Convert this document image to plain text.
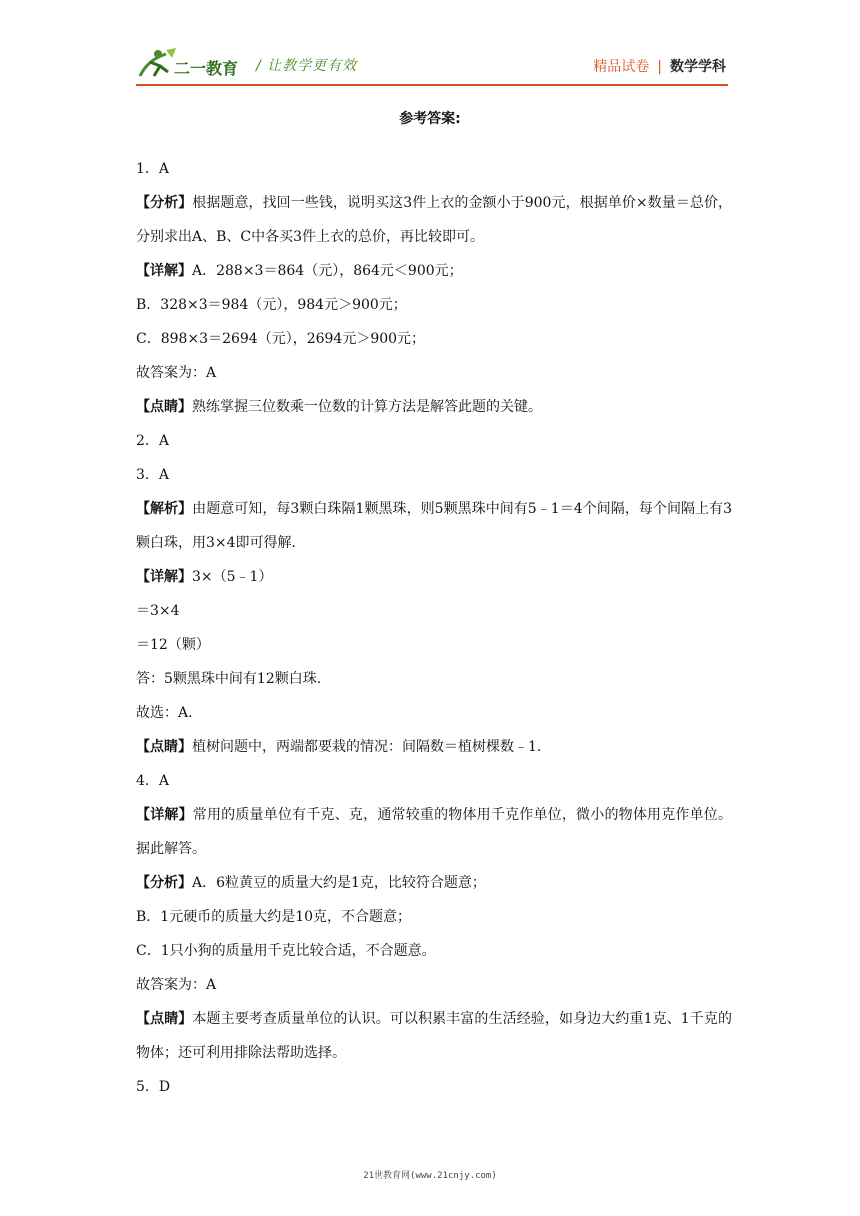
二一教育 / 让教学更有效	精品试卷 | 数学学科
参考答案:

1．A

【分析】根据题意，找回一些钱，说明买这3件上衣的金额小于900元，根据单价×数量＝总价，分别求出A、B、C中各买3件上衣的总价，再比较即可。

【详解】A．288×3＝864（元），864元＜900元；

B．328×3＝984（元），984元＞900元；

C．898×3＝2694（元），2694元＞900元；

故答案为：A

【点睛】熟练掌握三位数乘一位数的计算方法是解答此题的关键。

2．A

3．A

【解析】由题意可知，每3颗白珠隔1颗黑珠，则5颗黑珠中间有5﹣1＝4个间隔，每个间隔上有3颗白珠，用3×4即可得解.

【详解】3×（5﹣1）

＝3×4

＝12（颗）

答：5颗黑珠中间有12颗白珠.

故选：A.

【点睛】植树问题中，两端都要栽的情况：间隔数＝植树棵数﹣1.

4．A

【详解】常用的质量单位有千克、克，通常较重的物体用千克作单位，微小的物体用克作单位。据此解答。

【分析】A．6粒黄豆的质量大约是1克，比较符合题意；

B．1元硬币的质量大约是10克，不合题意；

C．1只小狗的质量用千克比较合适，不合题意。

故答案为：A

【点睛】本题主要考查质量单位的认识。可以积累丰富的生活经验，如身边大约重1克、1千克的物体；还可利用排除法帮助选择。

5．D

21世教育网(www.21cnjy.com)
